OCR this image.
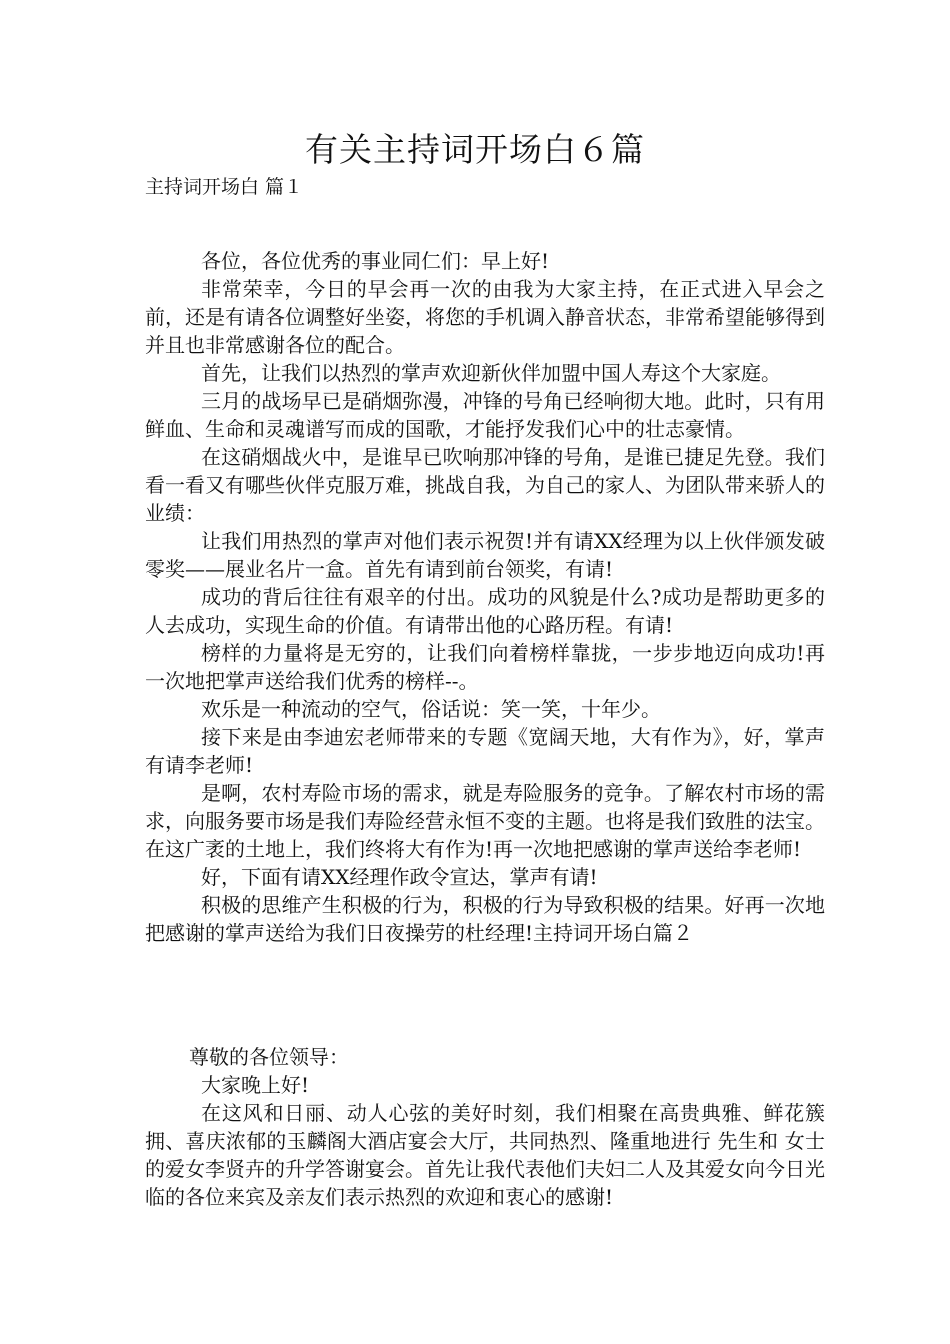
有关主持词开场白６篇
主持词开场白 篇１

各位，各位优秀的事业同仁们：早上好!

非常荣幸，今日的早会再一次的由我为大家主持，在正式进入早会之前，还是有请各位调整好坐姿，将您的手机调入静音状态，非常希望能够得到并且也非常感谢各位的配合。

首先，让我们以热烈的掌声欢迎新伙伴加盟中国人寿这个大家庭。

三月的战场早已是硝烟弥漫，冲锋的号角已经响彻大地。此时，只有用鲜血、生命和灵魂谱写而成的国歌，才能抒发我们心中的壮志豪情。

在这硝烟战火中，是谁早已吹响那冲锋的号角，是谁已捷足先登。我们看一看又有哪些伙伴克服万难，挑战自我，为自己的家人、为团队带来骄人的业绩：

让我们用热烈的掌声对他们表示祝贺!并有请XX经理为以上伙伴颁发破零奖——展业名片一盒。首先有请到前台领奖，有请!

成功的背后往往有艰辛的付出。成功的风貌是什么?成功是帮助更多的人去成功，实现生命的价值。有请带出他的心路历程。有请!

榜样的力量将是无穷的，让我们向着榜样靠拢，一步步地迈向成功!再一次地把掌声送给我们优秀的榜样--。

欢乐是一种流动的空气，俗话说：笑一笑，十年少。

接下来是由李迪宏老师带来的专题《宽阔天地，大有作为》，好，掌声有请李老师!

是啊，农村寿险市场的需求，就是寿险服务的竞争。了解农村市场的需求，向服务要市场是我们寿险经营永恒不变的主题。也将是我们致胜的法宝。在这广袤的土地上，我们终将大有作为!再一次地把感谢的掌声送给李老师!

好，下面有请XX经理作政令宣达，掌声有请!

积极的思维产生积极的行为，积极的行为导致积极的结果。好再一次地把感谢的掌声送给为我们日夜操劳的杜经理!主持词开场白篇２

尊敬的各位领导：

大家晚上好!

在这风和日丽、动人心弦的美好时刻，我们相聚在高贵典雅、鲜花簇拥、喜庆浓郁的玉麟阁大酒店宴会大厅，共同热烈、隆重地进行 先生和 女士的爱女李贤卉的升学答谢宴会。首先让我代表他们夫妇二人及其爱女向今日光临的各位来宾及亲友们表示热烈的欢迎和衷心的感谢!
